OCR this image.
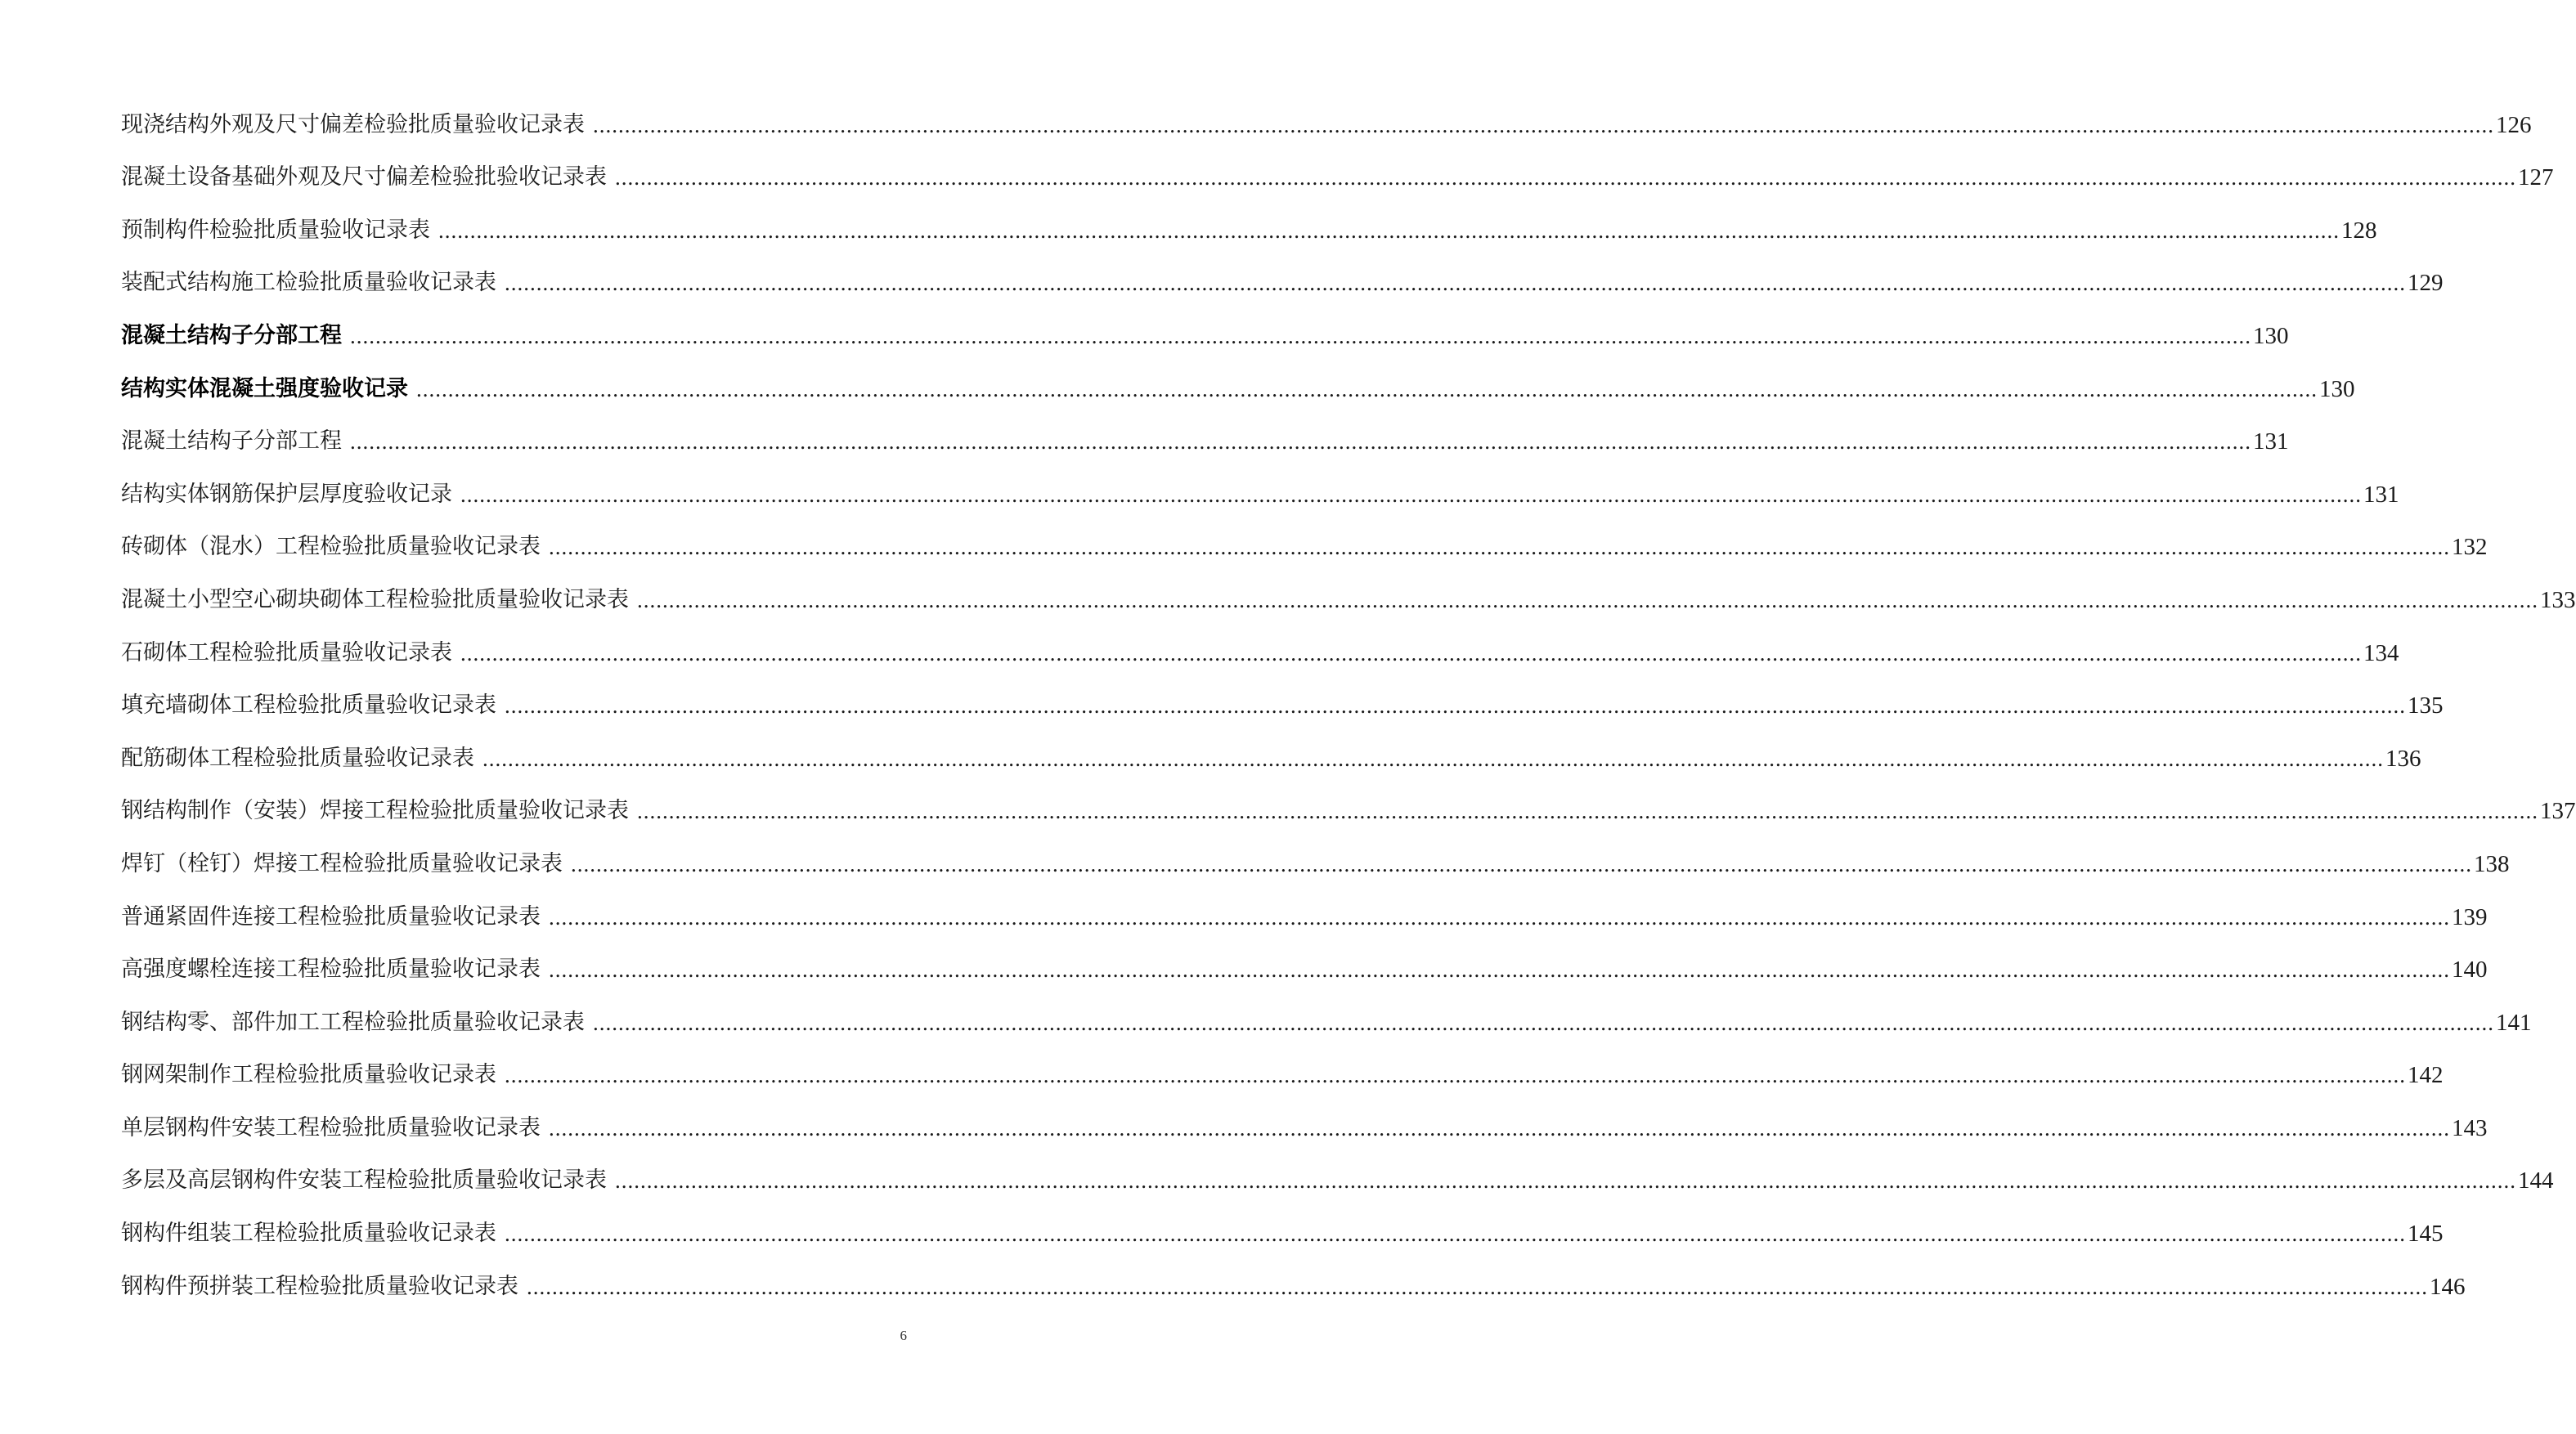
现浇结构外观及尺寸偏差检验批质量验收记录表 ............................................................................................................................................................................................................................................................................................................ 126
混凝土设备基础外观及尺寸偏差检验批验收记录表 ............................................................................................................................................................................................................................................................................................................ 127
预制构件检验批质量验收记录表 ............................................................................................................................................................................................................................................................................................................ 128
装配式结构施工检验批质量验收记录表 ............................................................................................................................................................................................................................................................................................................ 129
混凝土结构子分部工程 ............................................................................................................................................................................................................................................................................................................ 130
结构实体混凝土强度验收记录 ............................................................................................................................................................................................................................................................................................................ 130
混凝土结构子分部工程 ............................................................................................................................................................................................................................................................................................................ 131
结构实体钢筋保护层厚度验收记录 ............................................................................................................................................................................................................................................................................................................ 131
砖砌体（混水）工程检验批质量验收记录表 ............................................................................................................................................................................................................................................................................................................ 132
混凝土小型空心砌块砌体工程检验批质量验收记录表 ............................................................................................................................................................................................................................................................................................................ 133
石砌体工程检验批质量验收记录表 ............................................................................................................................................................................................................................................................................................................ 134
填充墙砌体工程检验批质量验收记录表 ............................................................................................................................................................................................................................................................................................................ 135
配筋砌体工程检验批质量验收记录表 ............................................................................................................................................................................................................................................................................................................ 136
钢结构制作（安装）焊接工程检验批质量验收记录表 ............................................................................................................................................................................................................................................................................................................ 137
焊钉（栓钉）焊接工程检验批质量验收记录表 ............................................................................................................................................................................................................................................................................................................ 138
普通紧固件连接工程检验批质量验收记录表 ............................................................................................................................................................................................................................................................................................................ 139
高强度螺栓连接工程检验批质量验收记录表 ............................................................................................................................................................................................................................................................................................................ 140
钢结构零、部件加工工程检验批质量验收记录表 ............................................................................................................................................................................................................................................................................................................ 141
钢网架制作工程检验批质量验收记录表 ............................................................................................................................................................................................................................................................................................................ 142
单层钢构件安装工程检验批质量验收记录表 ............................................................................................................................................................................................................................................................................................................ 143
多层及高层钢构件安装工程检验批质量验收记录表 ............................................................................................................................................................................................................................................................................................................ 144
钢构件组装工程检验批质量验收记录表 ............................................................................................................................................................................................................................................................................................................ 145
钢构件预拼装工程检验批质量验收记录表 ............................................................................................................................................................................................................................................................................................................ 146
6
